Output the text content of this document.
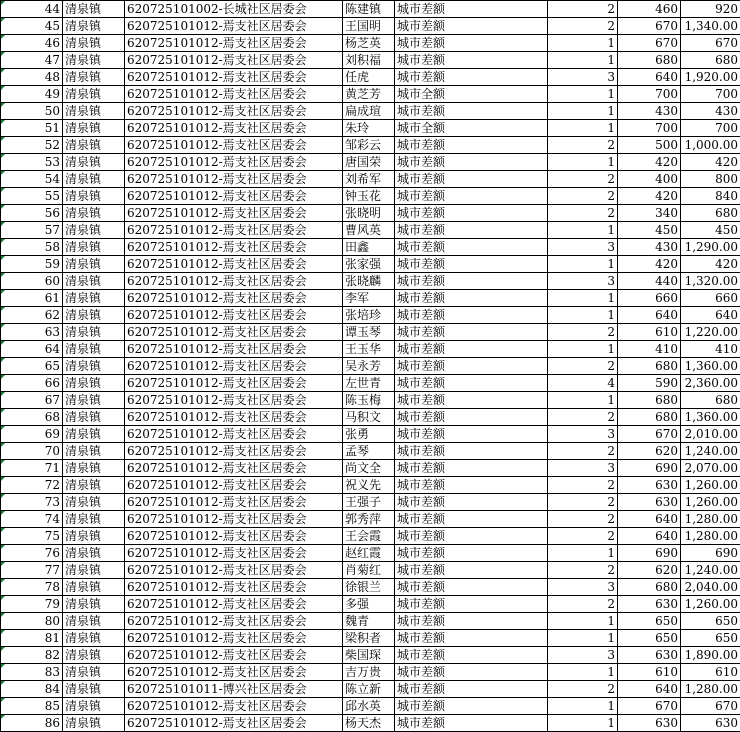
44	清泉镇	620725101002-长城社区居委会	陈建镇	城市差额	2	460	920
45	清泉镇	620725101012-焉支社区居委会	王国明	城市差额	2	670	1,340.00
46	清泉镇	620725101012-焉支社区居委会	杨芝英	城市差额	1	670	670
47	清泉镇	620725101012-焉支社区居委会	刘积福	城市差额	1	680	680
48	清泉镇	620725101012-焉支社区居委会	任虎	城市差额	3	640	1,920.00
49	清泉镇	620725101012-焉支社区居委会	黄芝芳	城市全额	1	700	700
50	清泉镇	620725101012-焉支社区居委会	扁成瑄	城市差额	1	430	430
51	清泉镇	620725101012-焉支社区居委会	朱玲	城市全额	1	700	700
52	清泉镇	620725101012-焉支社区居委会	邹彩云	城市差额	2	500	1,000.00
53	清泉镇	620725101012-焉支社区居委会	唐国荣	城市差额	1	420	420
54	清泉镇	620725101012-焉支社区居委会	刘希军	城市差额	2	400	800
55	清泉镇	620725101012-焉支社区居委会	钟玉花	城市差额	2	420	840
56	清泉镇	620725101012-焉支社区居委会	张晓明	城市差额	2	340	680
57	清泉镇	620725101012-焉支社区居委会	曹风英	城市差额	1	450	450
58	清泉镇	620725101012-焉支社区居委会	田鑫	城市差额	3	430	1,290.00
59	清泉镇	620725101012-焉支社区居委会	张家强	城市差额	1	420	420
60	清泉镇	620725101012-焉支社区居委会	张晓麟	城市差额	3	440	1,320.00
61	清泉镇	620725101012-焉支社区居委会	李军	城市差额	1	660	660
62	清泉镇	620725101012-焉支社区居委会	张培珍	城市差额	1	640	640
63	清泉镇	620725101012-焉支社区居委会	谭玉琴	城市差额	2	610	1,220.00
64	清泉镇	620725101012-焉支社区居委会	王玉华	城市差额	1	410	410
65	清泉镇	620725101012-焉支社区居委会	吴永芳	城市差额	2	680	1,360.00
66	清泉镇	620725101012-焉支社区居委会	左世青	城市差额	4	590	2,360.00
67	清泉镇	620725101012-焉支社区居委会	陈玉梅	城市差额	1	680	680
68	清泉镇	620725101012-焉支社区居委会	马积文	城市差额	2	680	1,360.00
69	清泉镇	620725101012-焉支社区居委会	张勇	城市差额	3	670	2,010.00
70	清泉镇	620725101012-焉支社区居委会	孟琴	城市差额	2	620	1,240.00
71	清泉镇	620725101012-焉支社区居委会	尚文全	城市差额	3	690	2,070.00
72	清泉镇	620725101012-焉支社区居委会	祝义先	城市差额	2	630	1,260.00
73	清泉镇	620725101012-焉支社区居委会	王强子	城市差额	2	630	1,260.00
74	清泉镇	620725101012-焉支社区居委会	郭秀萍	城市差额	2	640	1,280.00
75	清泉镇	620725101012-焉支社区居委会	王会霞	城市差额	2	640	1,280.00
76	清泉镇	620725101012-焉支社区居委会	赵红霞	城市差额	1	690	690
77	清泉镇	620725101012-焉支社区居委会	肖菊红	城市差额	2	620	1,240.00
78	清泉镇	620725101012-焉支社区居委会	徐银兰	城市差额	3	680	2,040.00
79	清泉镇	620725101012-焉支社区居委会	多强	城市差额	2	630	1,260.00
80	清泉镇	620725101012-焉支社区居委会	魏青	城市差额	1	650	650
81	清泉镇	620725101012-焉支社区居委会	梁积者	城市差额	1	650	650
82	清泉镇	620725101012-焉支社区居委会	柴国琛	城市差额	3	630	1,890.00
83	清泉镇	620725101012-焉支社区居委会	吉万贵	城市差额	1	610	610
84	清泉镇	620725101011-博兴社区居委会	陈立新	城市差额	2	640	1,280.00
85	清泉镇	620725101012-焉支社区居委会	邱水英	城市差额	1	670	670
86	清泉镇	620725101012-焉支社区居委会	杨天杰	城市差额	1	630	630
